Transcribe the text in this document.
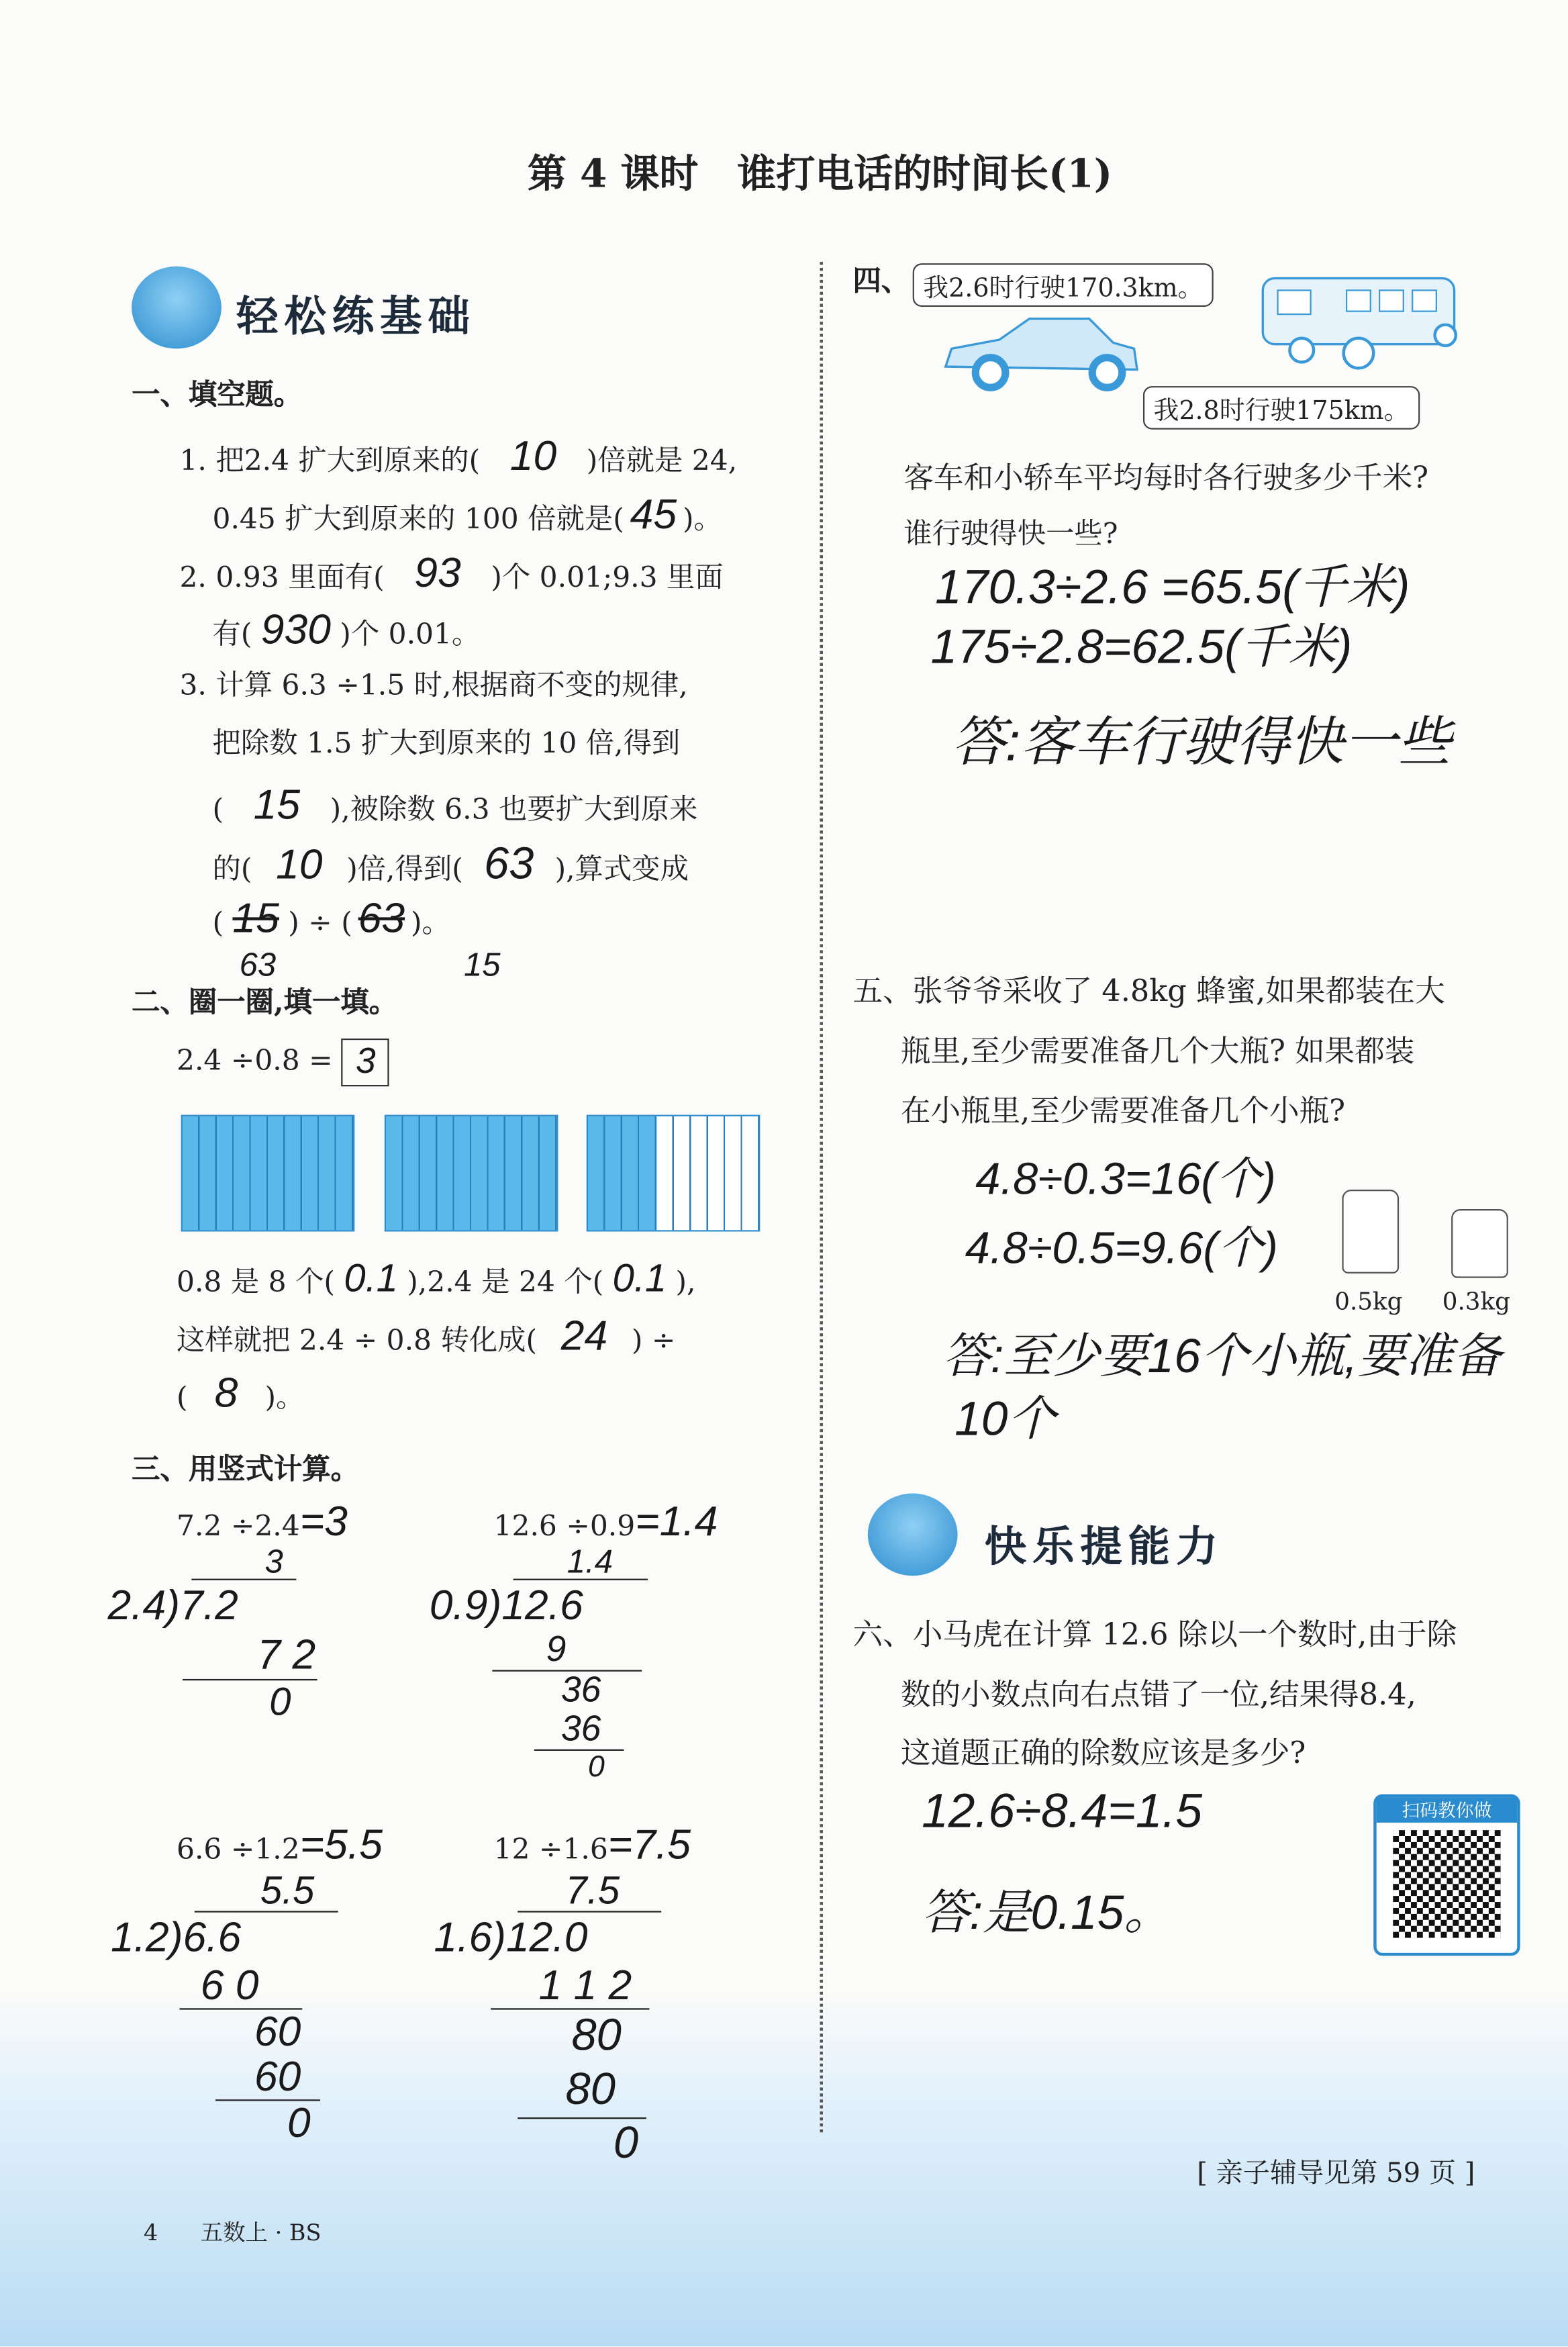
第 4 课时　谁打电话的时间长(1)
轻松练基础
一、填空题。
1. 把2.4 扩大到原来的( 10 )倍就是 24,
0.45 扩大到原来的 100 倍就是( 45 )。
2. 0.93 里面有( 93 )个 0.01;9.3 里面
有( 930 )个 0.01。
3. 计算 6.3 ÷1.5 时,根据商不变的规律,
把除数 1.5 扩大到原来的 10 倍,得到
( 15 ),被除数 6.3 也要扩大到原来
的( 10 )倍,得到( 63 ),算式变成
( 15 ) ÷ ( 63 )。
63	15
二、圈一圈,填一填。
2.4 ÷0.8 = 3
0.8 是 8 个( 0.1 ),2.4 是 24 个( 0.1 ),
这样就把 2.4 ÷ 0.8 转化成( 24 ) ÷
( 8 )。
三、用竖式计算。
7.2 ÷2.4=3
3
2.4)7.2
7 2
0
12.6 ÷0.9=1.4
1.4
0.9)12.6
9
36
36
0
6.6 ÷1.2=5.5
5.5
1.2)6.6
6 0
60
60
0
12 ÷1.6=7.5
7.5
1.6)12.0
1 1 2
80
80
0
四、	我2.6时行驶170.3km。
我2.8时行驶175km。
客车和小轿车平均每时各行驶多少千米?
谁行驶得快一些?
170.3÷2.6 =65.5(千米)
175÷2.8=62.5(千米)
答:客车行驶得快一些
五、张爷爷采收了 4.8kg 蜂蜜,如果都装在大
瓶里,至少需要准备几个大瓶? 如果都装
在小瓶里,至少需要准备几个小瓶?
4.8÷0.3=16(个)
4.8÷0.5=9.6(个)
答:至少要16个小瓶,要准备
10个
0.5kg	0.3kg
快乐提能力
六、小马虎在计算 12.6 除以一个数时,由于除
数的小数点向右点错了一位,结果得8.4,
这道题正确的除数应该是多少?
12.6÷8.4=1.5
答:是0.15。
扫码教你做
[ 亲子辅导见第 59 页 ]
4	五数上 · BS
